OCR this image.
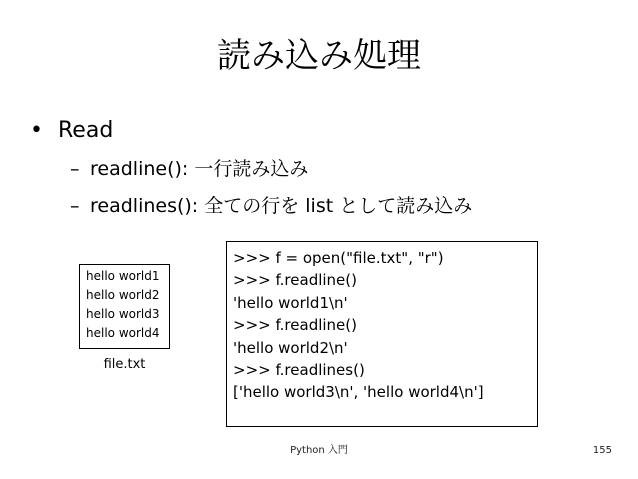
読み込み処理
• Read
– readline(): 一行読み込み
– readlines(): 全ての行を list として読み込み
hello world1
hello world2
hello world3
hello world4
file.txt
>>> f = open("file.txt", "r")
>>> f.readline()
'hello world1\n'
>>> f.readline()
'hello world2\n'
>>> f.readlines()
['hello world3\n', 'hello world4\n']
Python 入門	155
